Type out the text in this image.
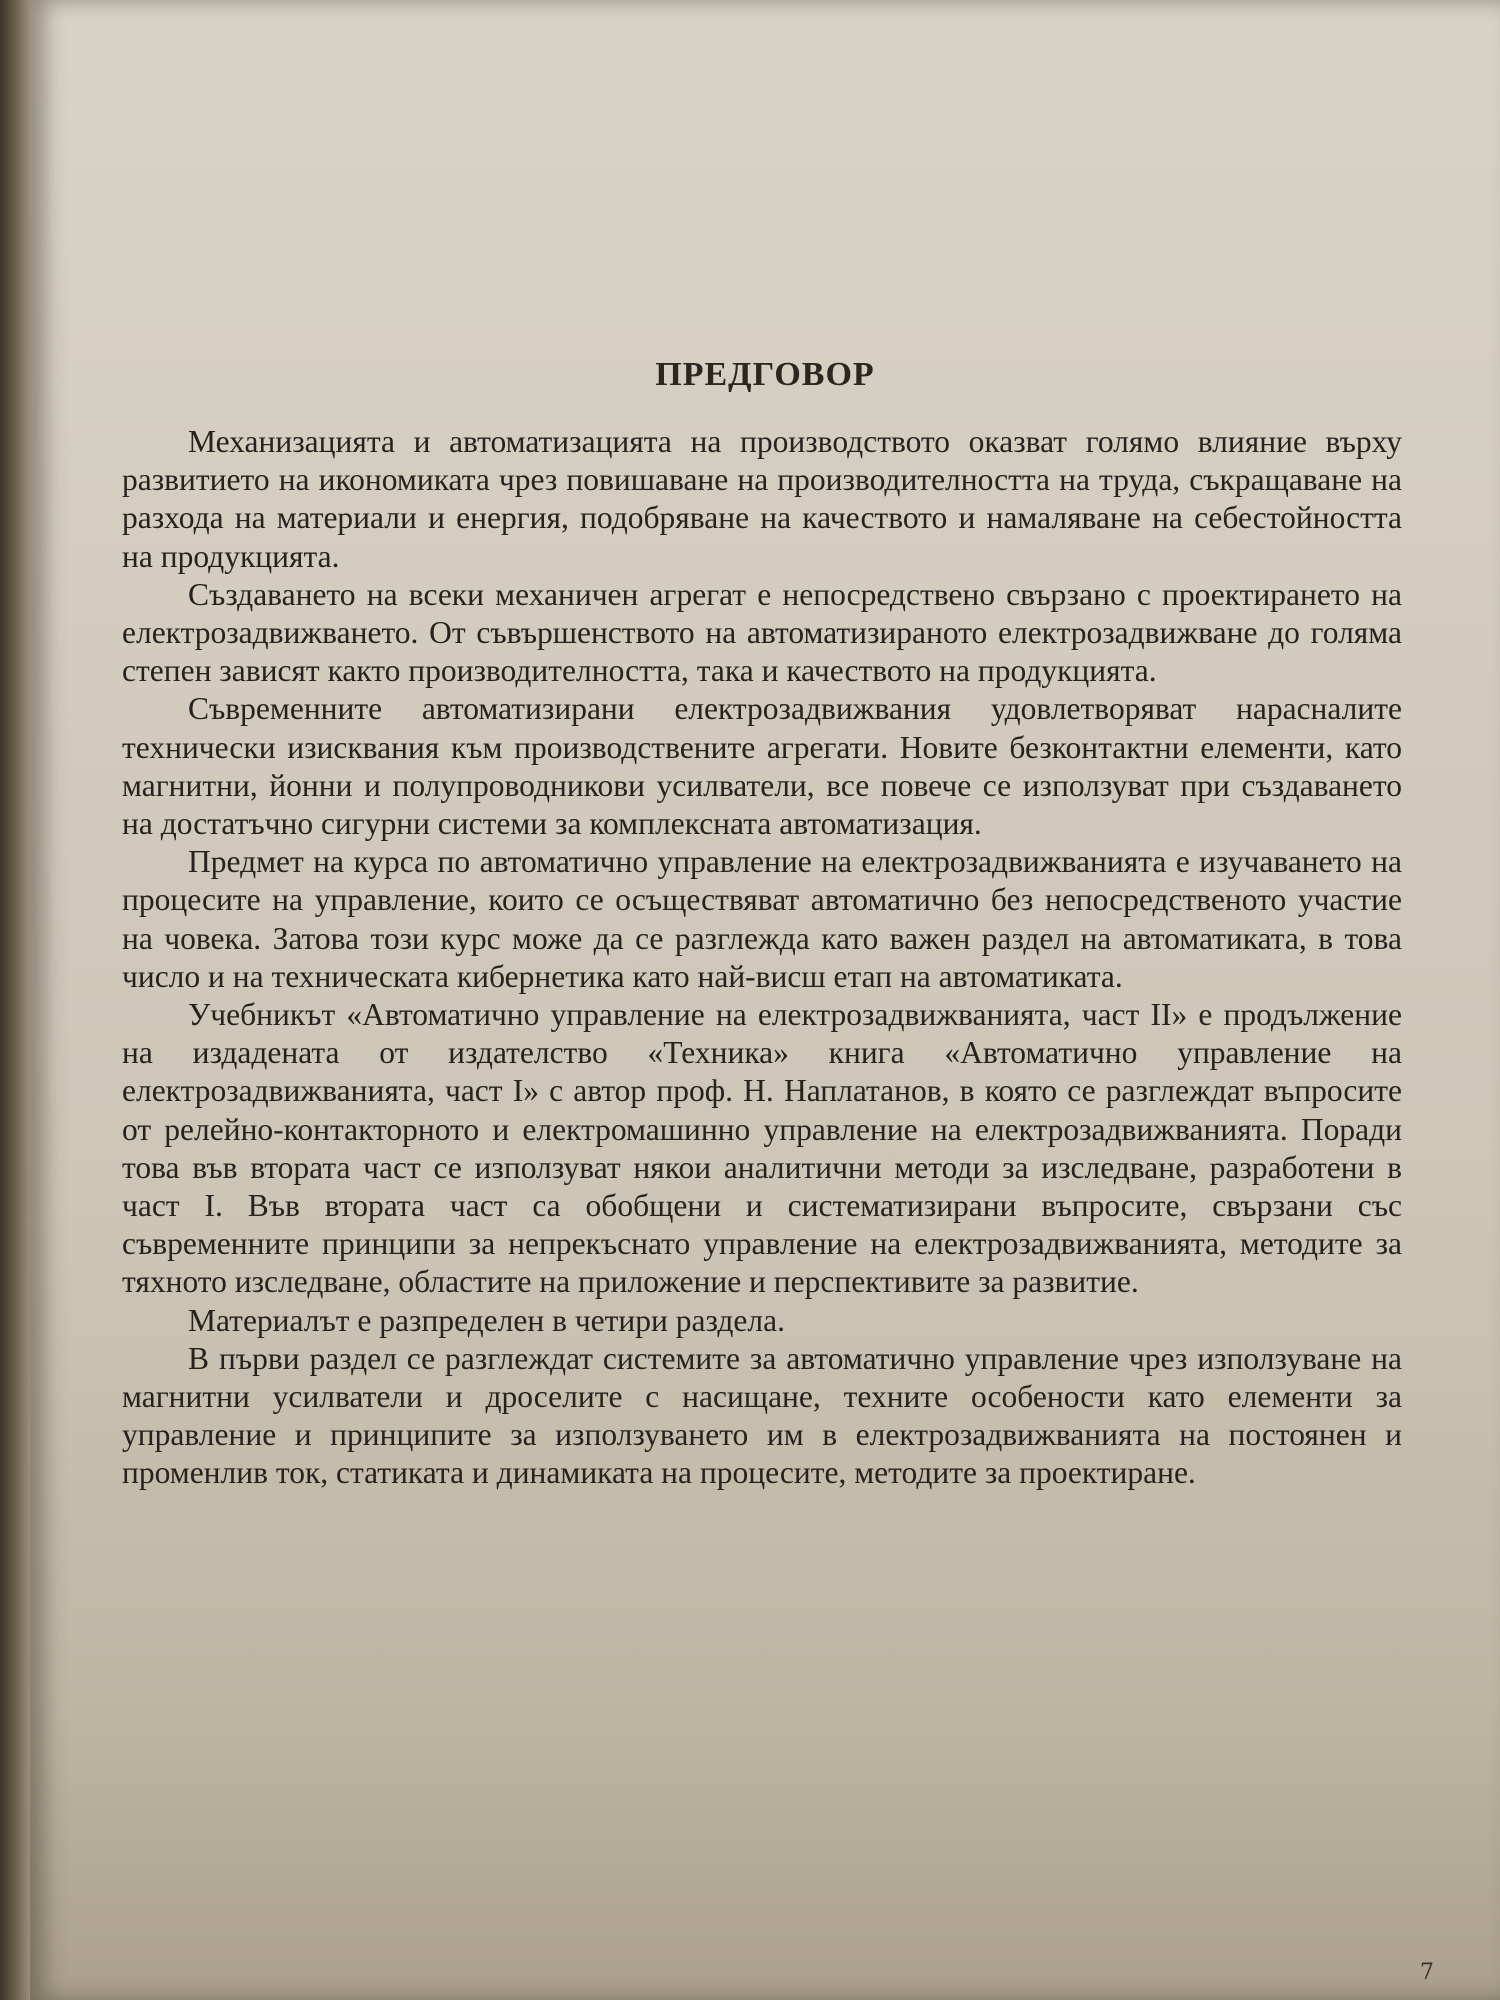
ПРЕДГОВОР

Механизацията и автоматизацията на производството оказват голямо влияние върху развитието на икономиката чрез повишаване на производителността на труда, съкращаване на разхода на материали и енергия, подобряване на качеството и намаляване на себестойността на продукцията.

Създаването на всеки механичен агрегат е непосредствено свързано с проектирането на електрозадвижването. От съвършенството на автоматизираното електрозадвижване до голяма степен зависят както производителността, така и качеството на продукцията.

Съвременните автоматизирани електрозадвижвания удовлетворяват нарасналите технически изисквания към производствените агрегати. Новите безконтактни елементи, като магнитни, йонни и полупроводникови усилватели, все повече се използуват при създаването на достатъчно сигурни системи за комплексната автоматизация.

Предмет на курса по автоматично управление на електрозадвижванията е изучаването на процесите на управление, които се осъществяват автоматично без непосредственото участие на човека. Затова този курс може да се разглежда като важен раздел на автоматиката, в това число и на техническата кибернетика като най-висш етап на автоматиката.

Учебникът «Автоматично управление на електрозадвижванията, част II» е продължение на издадената от издателство «Техника» книга «Автоматично управление на електрозадвижванията, част I» с автор проф. Н. Наплатанов, в която се разглеждат въпросите от релейно-контакторното и електромашинно управление на електрозадвижванията. Поради това във втората част се използуват някои аналитични методи за изследване, разработени в част I. Във втората част са обобщени и систематизирани въпросите, свързани със съвременните принципи за непрекъснато управление на електрозадвижванията, методите за тяхното изследване, областите на приложение и перспективите за развитие.

Материалът е разпределен в четири раздела.

В първи раздел се разглеждат системите за автоматично управление чрез използуване на магнитни усилватели и дроселите с насищане, техните особености като елементи за управление и принципите за използуването им в електрозадвижванията на постоянен и променлив ток, статиката и динамиката на процесите, методите за проектиране.

7
